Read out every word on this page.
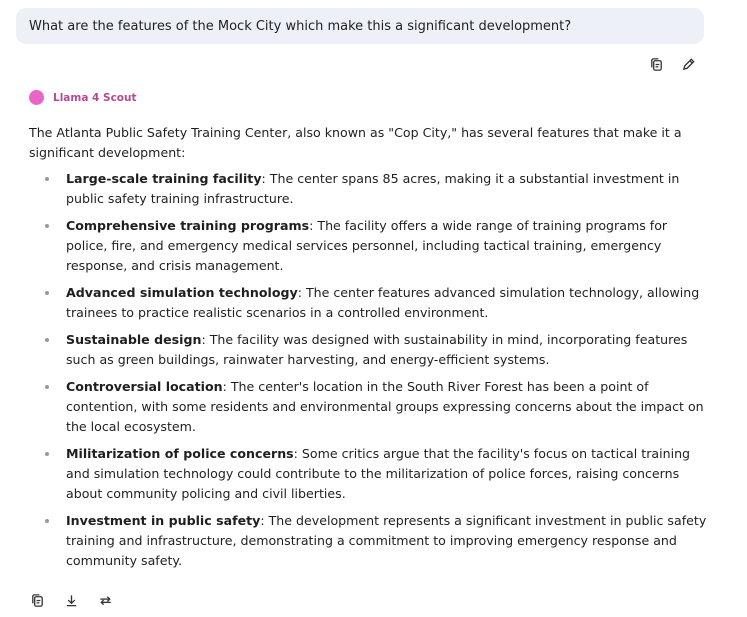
What are the features of the Mock City which make this a significant development?
Llama 4 Scout

The Atlanta Public Safety Training Center, also known as "Cop City," has several features that make it a significant development:

Large-scale training facility: The center spans 85 acres, making it a substantial investment in public safety training infrastructure.
Comprehensive training programs: The facility offers a wide range of training programs for police, fire, and emergency medical services personnel, including tactical training, emergency response, and crisis management.
Advanced simulation technology: The center features advanced simulation technology, allowing trainees to practice realistic scenarios in a controlled environment.
Sustainable design: The facility was designed with sustainability in mind, incorporating features such as green buildings, rainwater harvesting, and energy-efficient systems.
Controversial location: The center's location in the South River Forest has been a point of contention, with some residents and environmental groups expressing concerns about the impact on the local ecosystem.
Militarization of police concerns: Some critics argue that the facility's focus on tactical training and simulation technology could contribute to the militarization of police forces, raising concerns about community policing and civil liberties.
Investment in public safety: The development represents a significant investment in public safety training and infrastructure, demonstrating a commitment to improving emergency response and community safety.
